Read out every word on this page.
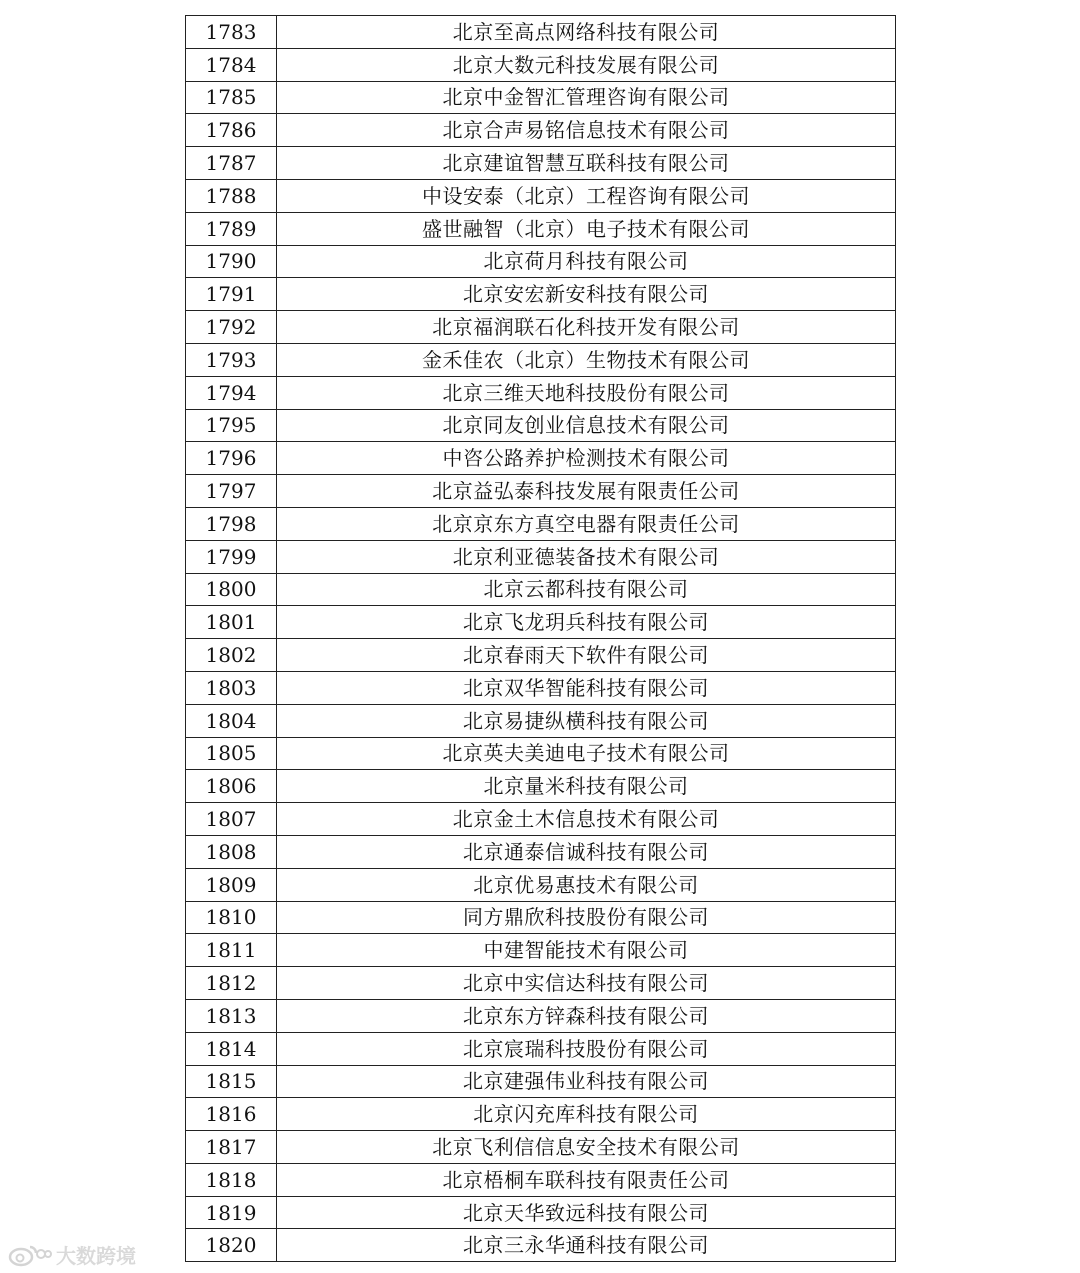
1783	北京至高点网络科技有限公司
1784	北京大数元科技发展有限公司
1785	北京中金智汇管理咨询有限公司
1786	北京合声易铭信息技术有限公司
1787	北京建谊智慧互联科技有限公司
1788	中设安泰（北京）工程咨询有限公司
1789	盛世融智（北京）电子技术有限公司
1790	北京荷月科技有限公司
1791	北京安宏新安科技有限公司
1792	北京福润联石化科技开发有限公司
1793	金禾佳农（北京）生物技术有限公司
1794	北京三维天地科技股份有限公司
1795	北京同友创业信息技术有限公司
1796	中咨公路养护检测技术有限公司
1797	北京益弘泰科技发展有限责任公司
1798	北京京东方真空电器有限责任公司
1799	北京利亚德装备技术有限公司
1800	北京云都科技有限公司
1801	北京飞龙玥兵科技有限公司
1802	北京春雨天下软件有限公司
1803	北京双华智能科技有限公司
1804	北京易捷纵横科技有限公司
1805	北京英夫美迪电子技术有限公司
1806	北京量米科技有限公司
1807	北京金土木信息技术有限公司
1808	北京通泰信诚科技有限公司
1809	北京优易惠技术有限公司
1810	同方鼎欣科技股份有限公司
1811	中建智能技术有限公司
1812	北京中实信达科技有限公司
1813	北京东方锌森科技有限公司
1814	北京宸瑞科技股份有限公司
1815	北京建强伟业科技有限公司
1816	北京闪充库科技有限公司
1817	北京飞利信信息安全技术有限公司
1818	北京梧桐车联科技有限责任公司
1819	北京天华致远科技有限公司
1820	北京三永华通科技有限公司
大数跨境
